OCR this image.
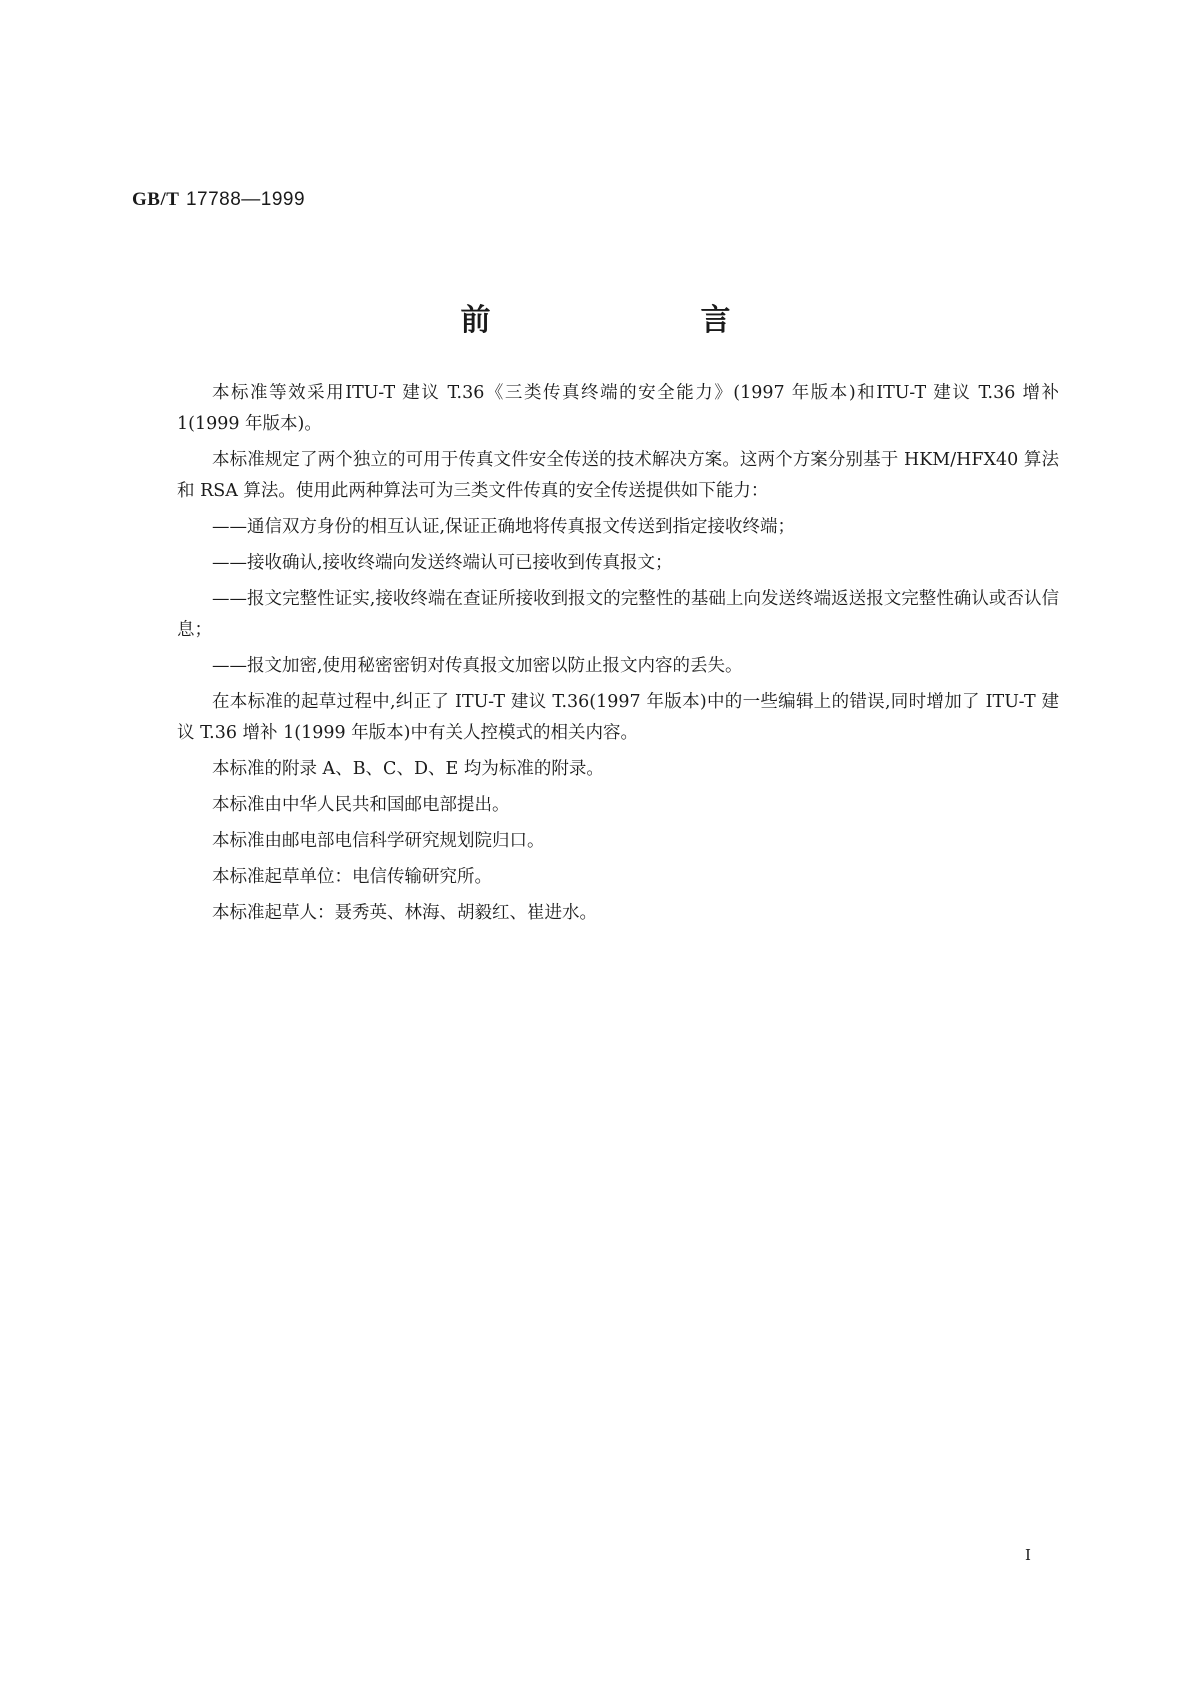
GB/T 17788—1999
前　言

本标准等效采用ITU-T 建议 T.36《三类传真终端的安全能力》(1997 年版本)和ITU-T 建议 T.36 增补 1(1999 年版本)。

本标准规定了两个独立的可用于传真文件安全传送的技术解决方案。这两个方案分别基于 HKM/HFX40 算法和 RSA 算法。使用此两种算法可为三类文件传真的安全传送提供如下能力：

——通信双方身份的相互认证,保证正确地将传真报文传送到指定接收终端；

——接收确认,接收终端向发送终端认可已接收到传真报文；

——报文完整性证实,接收终端在查证所接收到报文的完整性的基础上向发送终端返送报文完整性确认或否认信息；

——报文加密,使用秘密密钥对传真报文加密以防止报文内容的丢失。

在本标准的起草过程中,纠正了 ITU-T 建议 T.36(1997 年版本)中的一些编辑上的错误,同时增加了 ITU-T 建议 T.36 增补 1(1999 年版本)中有关人控模式的相关内容。

本标准的附录 A、B、C、D、E 均为标准的附录。

本标准由中华人民共和国邮电部提出。

本标准由邮电部电信科学研究规划院归口。

本标准起草单位：电信传输研究所。

本标准起草人：聂秀英、林海、胡毅红、崔进水。

I
